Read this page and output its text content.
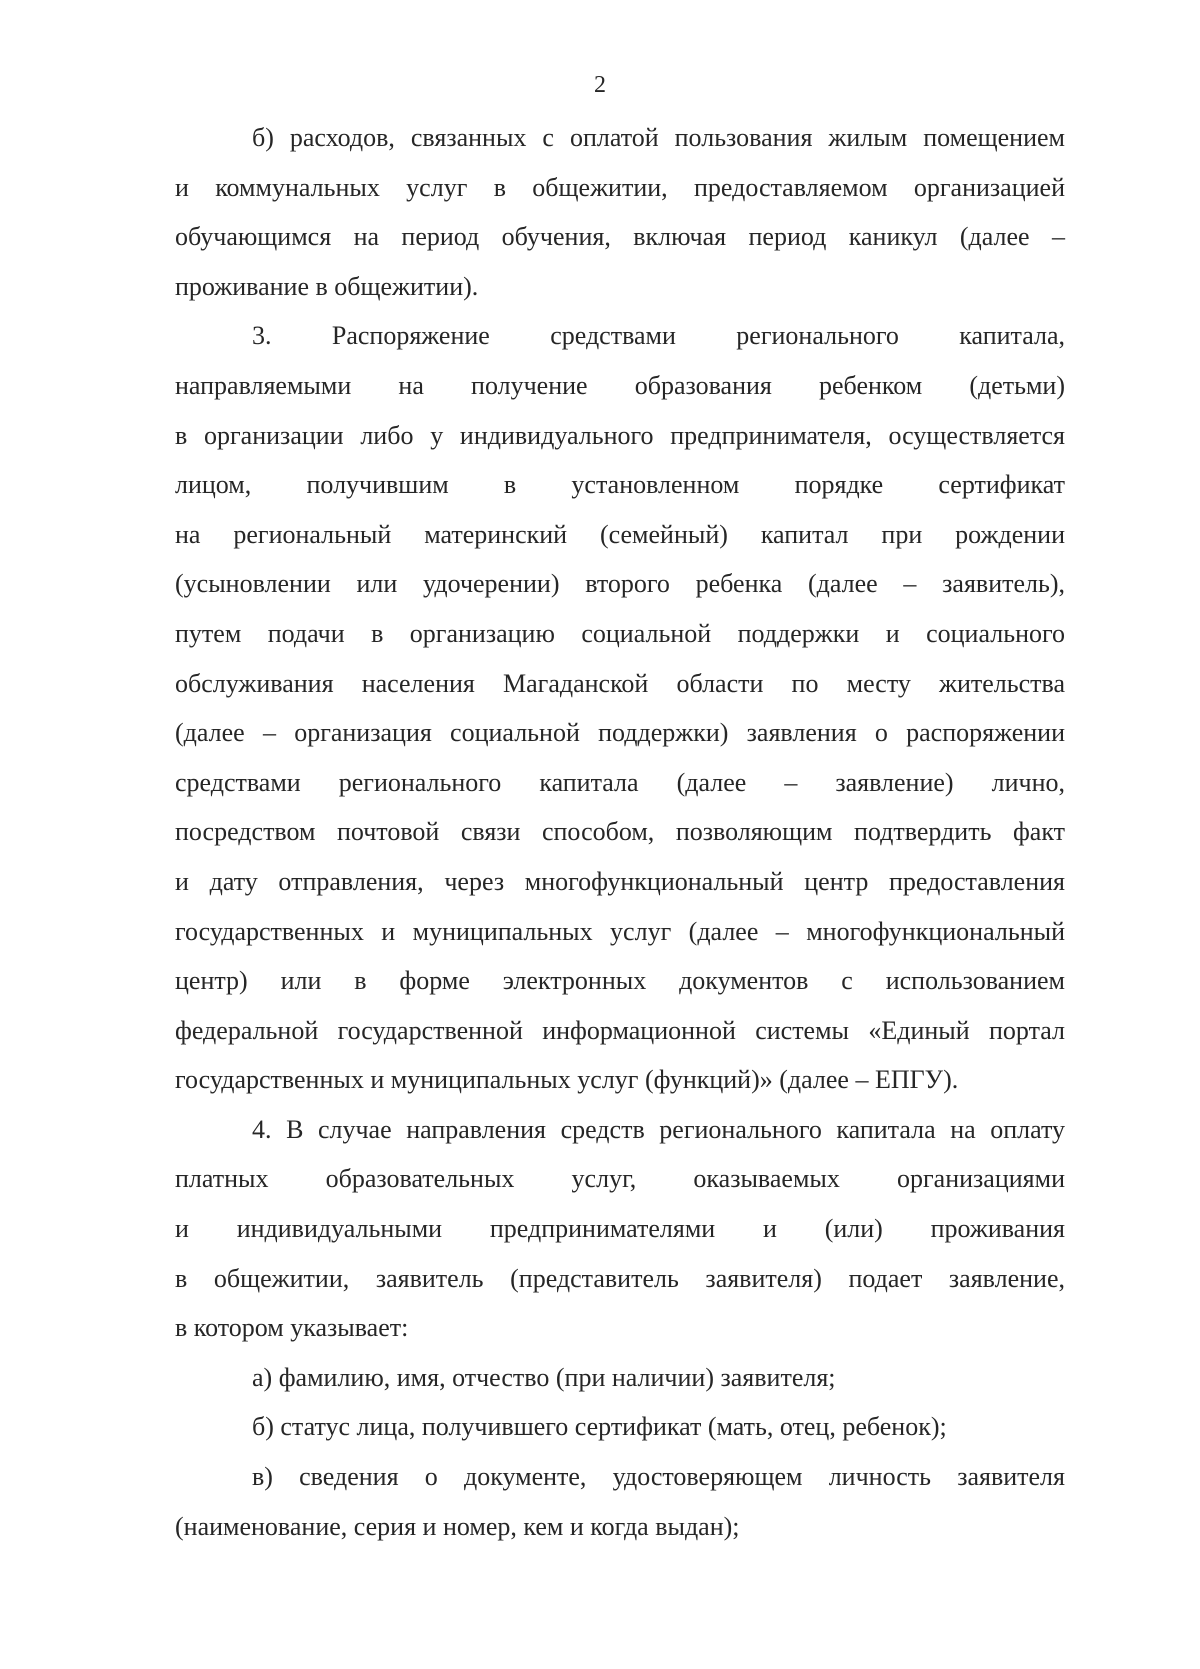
2
б) расходов, связанных с оплатой пользования жилым помещением
и коммунальных услуг в общежитии, предоставляемом организацией
обучающимся на период обучения, включая период каникул (далее –
проживание в общежитии).
3. Распоряжение средствами регионального капитала,
направляемыми на получение образования ребенком (детьми)
в организации либо у индивидуального предпринимателя, осуществляется
лицом, получившим в установленном порядке сертификат
на региональный материнский (семейный) капитал при рождении
(усыновлении или удочерении) второго ребенка (далее – заявитель),
путем подачи в организацию социальной поддержки и социального
обслуживания населения Магаданской области по месту жительства
(далее – организация социальной поддержки) заявления о распоряжении
средствами регионального капитала (далее – заявление) лично,
посредством почтовой связи способом, позволяющим подтвердить факт
и дату отправления, через многофункциональный центр предоставления
государственных и муниципальных услуг (далее – многофункциональный
центр) или в форме электронных документов с использованием
федеральной государственной информационной системы «Единый портал
государственных и муниципальных услуг (функций)» (далее – ЕПГУ).
4. В случае направления средств регионального капитала на оплату
платных образовательных услуг, оказываемых организациями
и индивидуальными предпринимателями и (или) проживания
в общежитии, заявитель (представитель заявителя) подает заявление,
в котором указывает:
а) фамилию, имя, отчество (при наличии) заявителя;
б) статус лица, получившего сертификат (мать, отец, ребенок);
в) сведения о документе, удостоверяющем личность заявителя
(наименование, серия и номер, кем и когда выдан);
